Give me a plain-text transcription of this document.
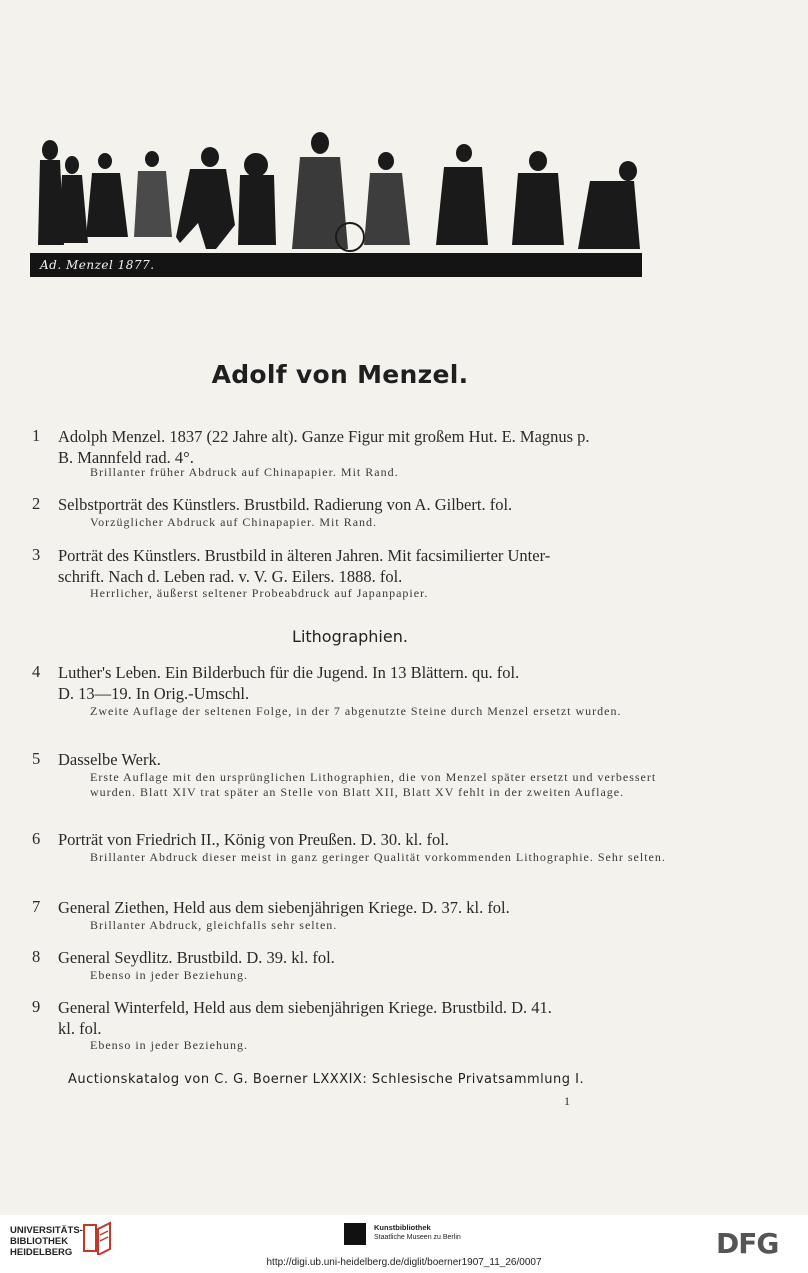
Ad. Menzel 1877.
Adolf von Menzel.
1	Adolph Menzel. 1837 (22 Jahre alt). Ganze Figur mit großem Hut. E. Magnus p.
B. Mannfeld rad. 4°.
Brillanter früher Abdruck auf Chinapapier. Mit Rand.
2	Selbstporträt des Künstlers. Brustbild. Radierung von A. Gilbert. fol.
Vorzüglicher Abdruck auf Chinapapier. Mit Rand.
3	Porträt des Künstlers. Brustbild in älteren Jahren. Mit facsimilierter Unter-
schrift. Nach d. Leben rad. v. V. G. Eilers. 1888. fol.
Herrlicher, äußerst seltener Probeabdruck auf Japanpapier.
Lithographien.
4	Luther's Leben. Ein Bilderbuch für die Jugend. In 13 Blättern. qu. fol.
D. 13—19. In Orig.-Umschl.
Zweite Auflage der seltenen Folge, in der 7 abgenutzte Steine durch Menzel ersetzt wurden.
5	Dasselbe Werk.
Erste Auflage mit den ursprünglichen Lithographien, die von Menzel später ersetzt und verbessert wurden. Blatt XIV trat später an Stelle von Blatt XII, Blatt XV fehlt in der zweiten Auflage.
6	Porträt von Friedrich II., König von Preußen. D. 30. kl. fol.
Brillanter Abdruck dieser meist in ganz geringer Qualität vorkommenden Lithographie. Sehr selten.
7	General Ziethen, Held aus dem siebenjährigen Kriege. D. 37. kl. fol.
Brillanter Abdruck, gleichfalls sehr selten.
8	General Seydlitz. Brustbild. D. 39. kl. fol.
Ebenso in jeder Beziehung.
9	General Winterfeld, Held aus dem siebenjährigen Kriege. Brustbild. D. 41.
kl. fol.
Ebenso in jeder Beziehung.
Auctionskatalog von C. G. Boerner LXXXIX: Schlesische Privatsammlung I.
1
UNIVERSITÄTS-
BIBLIOTHEK
HEIDELBERG
Kunstbibliothek
Staatliche Museen zu Berlin	DFG
http://digi.ub.uni-heidelberg.de/diglit/boerner1907_11_26/0007
